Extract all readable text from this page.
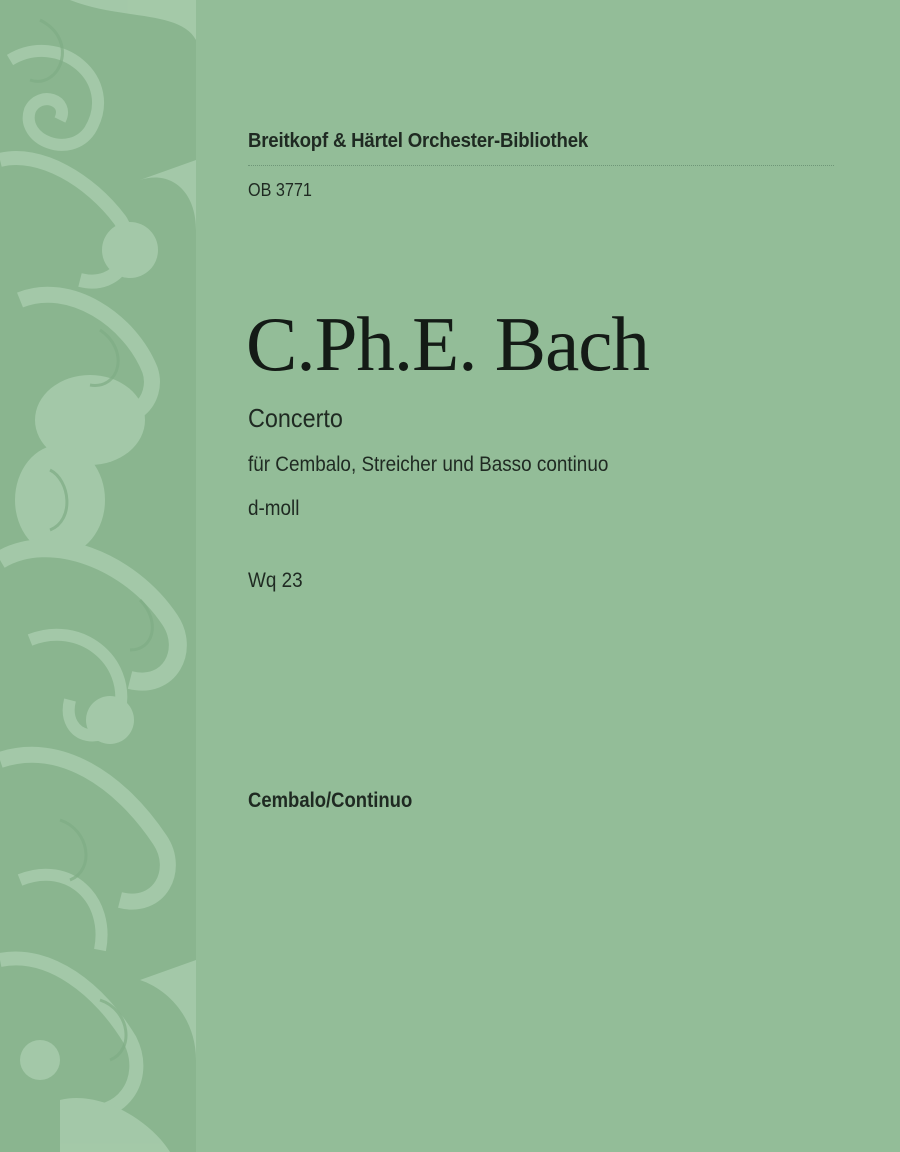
Breitkopf & Härtel Orchester-Bibliothek
OB 3771
C.Ph.E. Bach
Concerto
für Cembalo, Streicher und Basso continuo
d-moll
Wq 23
Cembalo/Continuo
